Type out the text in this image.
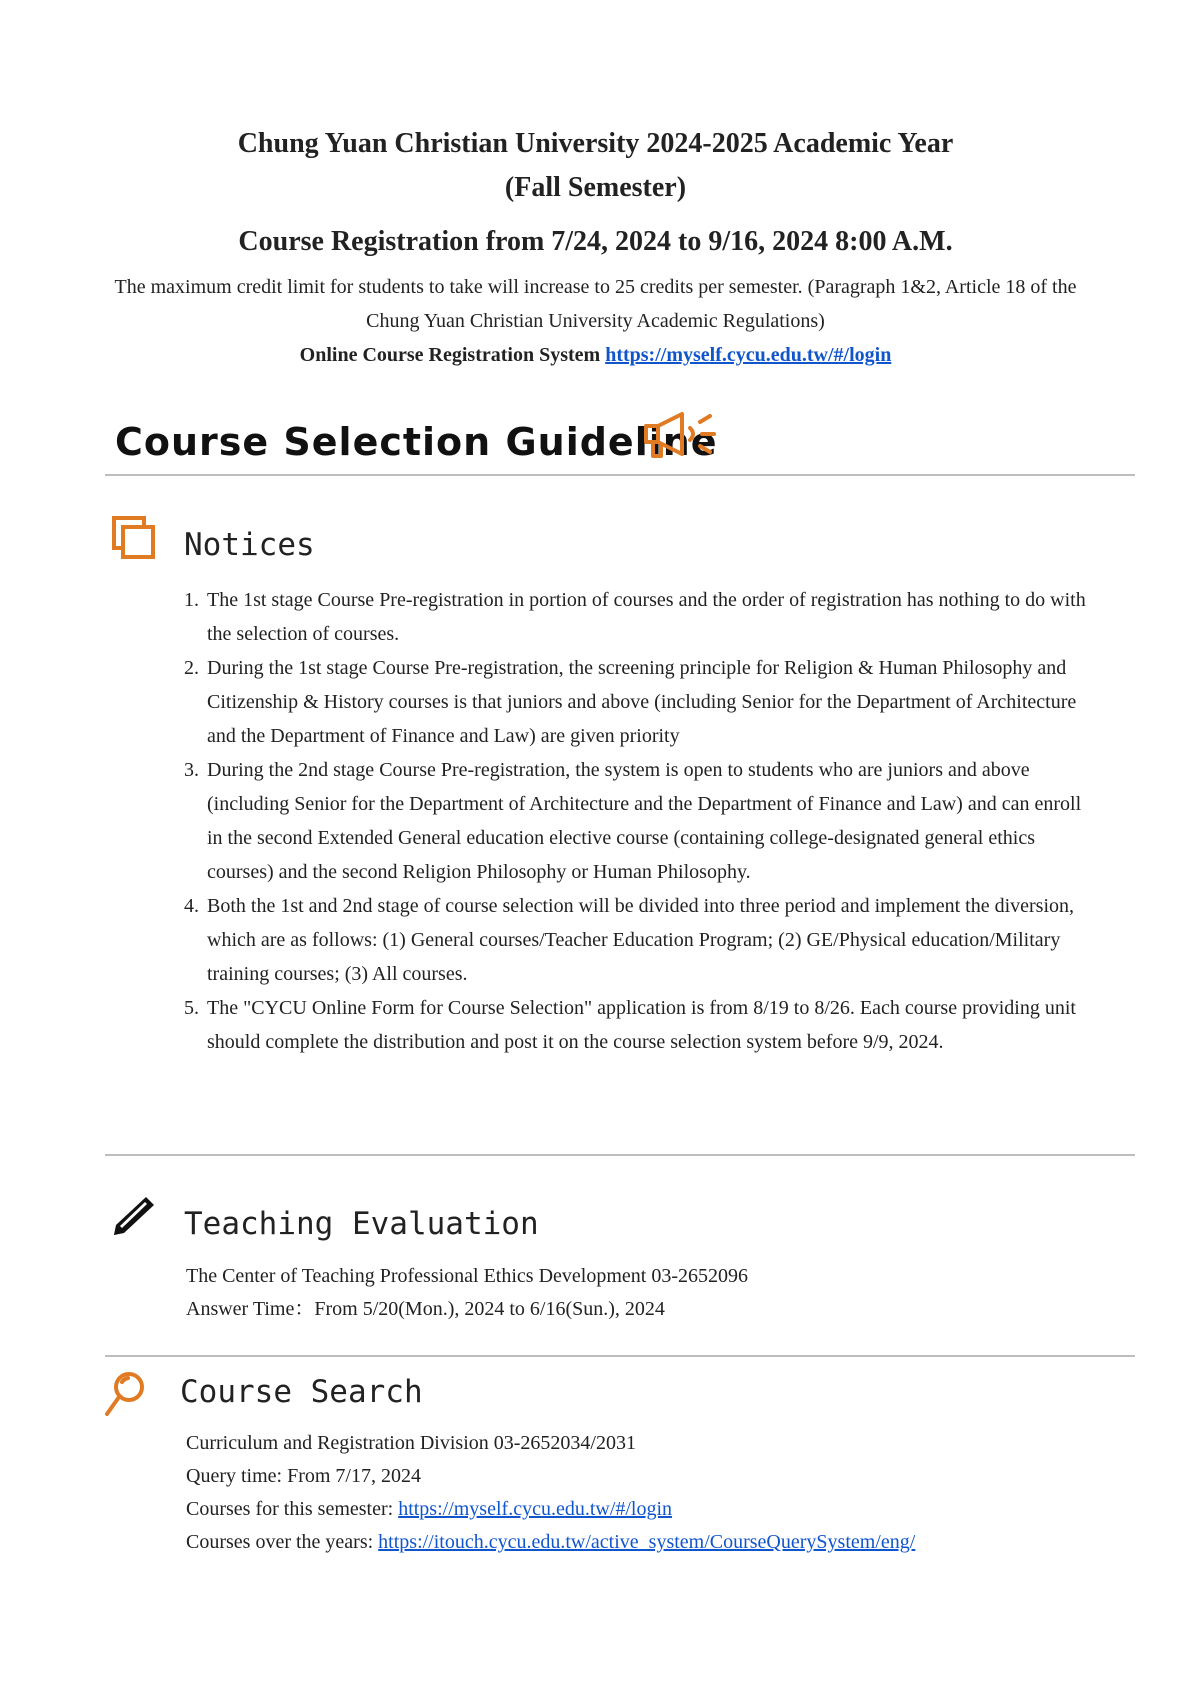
Chung Yuan Christian University 2024-2025 Academic Year
(Fall Semester)
Course Registration from 7/24, 2024 to 9/16, 2024 8:00 A.M.
The maximum credit limit for students to take will increase to 25 credits per semester. (Paragraph 1&2, Article 18 of the Chung Yuan Christian University Academic Regulations)
Online Course Registration System https://myself.cycu.edu.tw/#/login
Course Selection Guideline
Notices
1. The 1st stage Course Pre-registration in portion of courses and the order of registration has nothing to do with the selection of courses.
2. During the 1st stage Course Pre-registration, the screening principle for Religion & Human Philosophy and Citizenship & History courses is that juniors and above (including Senior for the Department of Architecture and the Department of Finance and Law) are given priority
3. During the 2nd stage Course Pre-registration, the system is open to students who are juniors and above (including Senior for the Department of Architecture and the Department of Finance and Law) and can enroll in the second Extended General education elective course (containing college-designated general ethics courses) and the second Religion Philosophy or Human Philosophy.
4. Both the 1st and 2nd stage of course selection will be divided into three period and implement the diversion, which are as follows: (1) General courses/Teacher Education Program; (2) GE/Physical education/Military training courses; (3) All courses.
5. The "CYCU Online Form for Course Selection" application is from 8/19 to 8/26. Each course providing unit should complete the distribution and post it on the course selection system before 9/9, 2024.
Teaching Evaluation
The Center of Teaching Professional Ethics Development 03-2652096
Answer Time：From 5/20(Mon.), 2024 to 6/16(Sun.), 2024
Course Search
Curriculum and Registration Division 03-2652034/2031
Query time: From 7/17, 2024
Courses for this semester: https://myself.cycu.edu.tw/#/login
Courses over the years: https://itouch.cycu.edu.tw/active_system/CourseQuerySystem/eng/
